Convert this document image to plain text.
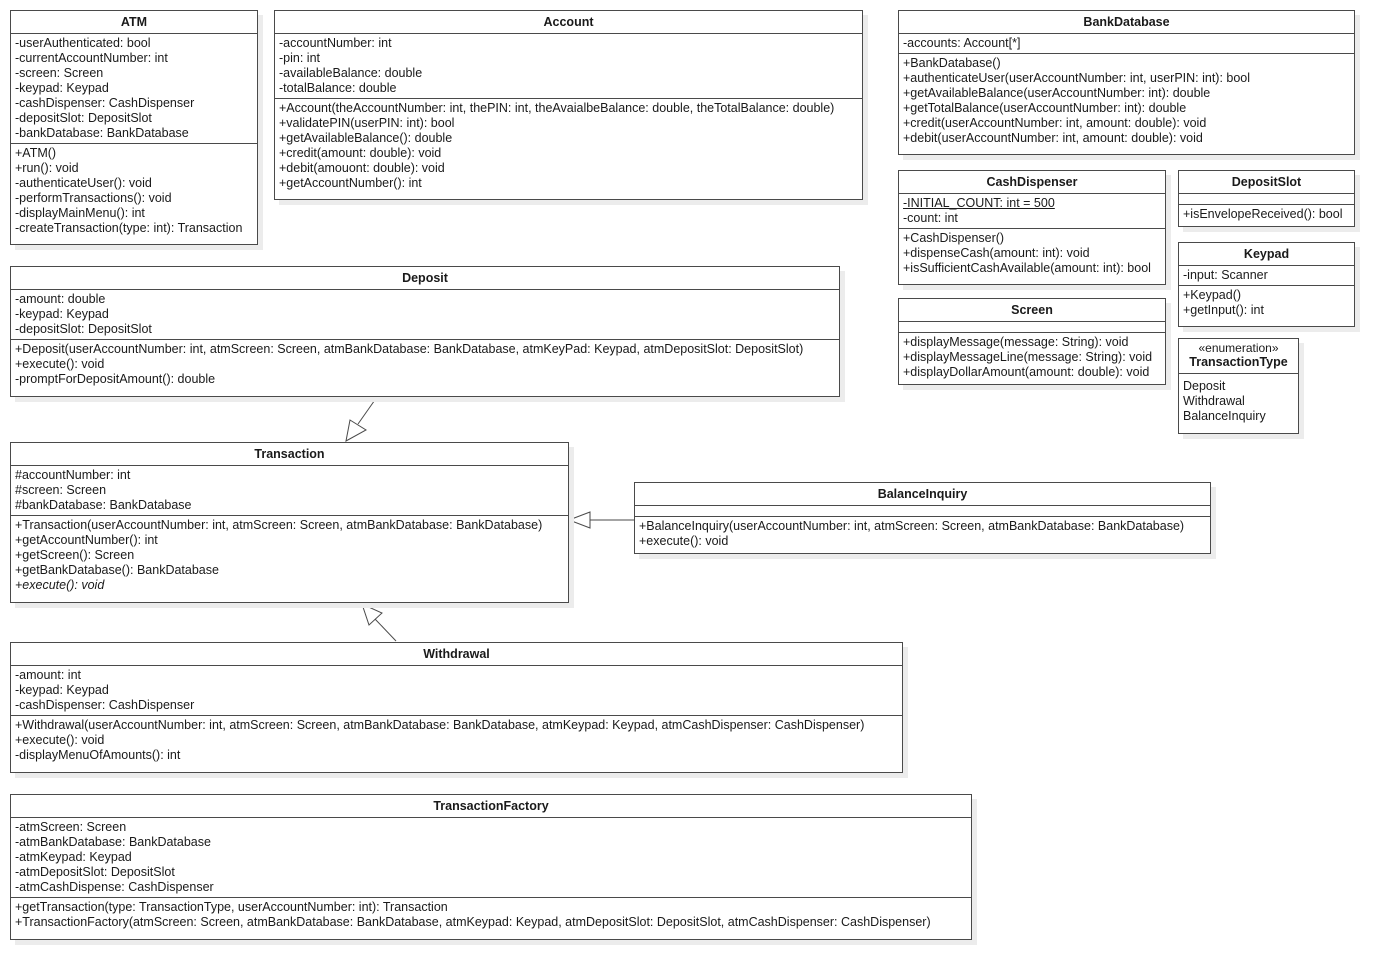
ATM
-userAuthenticated: bool
-currentAccountNumber: int
-screen: Screen
-keypad: Keypad
-cashDispenser: CashDispenser
-depositSlot: DepositSlot
-bankDatabase: BankDatabase
+ATM()
+run(): void
-authenticateUser(): void
-performTransactions(): void
-displayMainMenu(): int
-createTransaction(type: int): Transaction
Account
-accountNumber: int
-pin: int
-availableBalance: double
-totalBalance: double
+Account(theAccountNumber: int, thePIN: int, theAvaialbeBalance: double, theTotalBalance: double)
+validatePIN(userPIN: int): bool
+getAvailableBalance(): double
+credit(amount: double): void
+debit(amouont: double): void
+getAccountNumber(): int
BankDatabase
-accounts: Account[*]
+BankDatabase()
+authenticateUser(userAccountNumber: int, userPIN: int): bool
+getAvailableBalance(userAccountNumber: int): double
+getTotalBalance(userAccountNumber: int): double
+credit(userAccountNumber: int, amount: double): void
+debit(userAccountNumber: int, amount: double): void
CashDispenser
-INITIAL_COUNT: int = 500
-count: int
+CashDispenser()
+dispenseCash(amount: int): void
+isSufficientCashAvailable(amount: int): bool
DepositSlot
+isEnvelopeReceived(): bool
Keypad
-input: Scanner
+Keypad()
+getInput(): int
Screen
+displayMessage(message: String): void
+displayMessageLine(message: String): void
+displayDollarAmount(amount: double): void
«enumeration»
TransactionType
Deposit
Withdrawal
BalanceInquiry
Deposit
-amount: double
-keypad: Keypad
-depositSlot: DepositSlot
+Deposit(userAccountNumber: int, atmScreen: Screen, atmBankDatabase: BankDatabase, atmKeyPad: Keypad, atmDepositSlot: DepositSlot)
+execute(): void
-promptForDepositAmount(): double
Transaction
#accountNumber: int
#screen: Screen
#bankDatabase: BankDatabase
+Transaction(userAccountNumber: int, atmScreen: Screen, atmBankDatabase: BankDatabase)
+getAccountNumber(): int
+getScreen(): Screen
+getBankDatabase(): BankDatabase
+execute(): void
BalanceInquiry
+BalanceInquiry(userAccountNumber: int, atmScreen: Screen, atmBankDatabase: BankDatabase)
+execute(): void
Withdrawal
-amount: int
-keypad: Keypad
-cashDispenser: CashDispenser
+Withdrawal(userAccountNumber: int, atmScreen: Screen, atmBankDatabase: BankDatabase, atmKeypad: Keypad, atmCashDispenser: CashDispenser)
+execute(): void
-displayMenuOfAmounts(): int
TransactionFactory
-atmScreen: Screen
-atmBankDatabase: BankDatabase
-atmKeypad: Keypad
-atmDepositSlot: DepositSlot
-atmCashDispense: CashDispenser
+getTransaction(type: TransactionType, userAccountNumber: int): Transaction
+TransactionFactory(atmScreen: Screen, atmBankDatabase: BankDatabase, atmKeypad: Keypad, atmDepositSlot: DepositSlot, atmCashDispenser: CashDispenser)
